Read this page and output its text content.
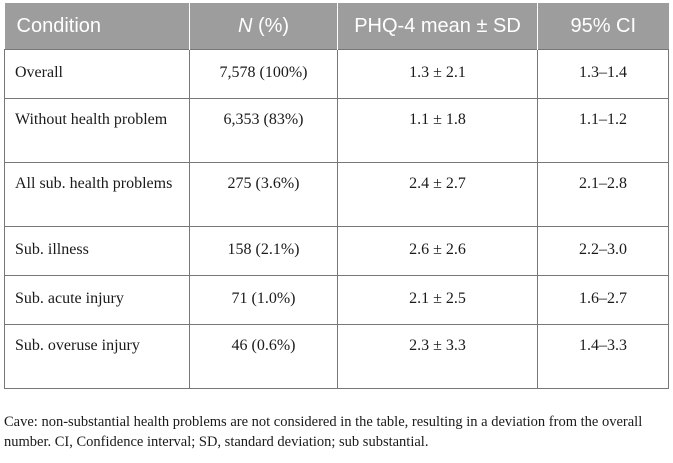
Condition	N (%)	PHQ-4 mean ± SD	95% CI
Overall	7,578 (100%)	1.3 ± 2.1	1.3–1.4
Without health problem	6,353 (83%)	1.1 ± 1.8	1.1–1.2
All sub. health problems	275 (3.6%)	2.4 ± 2.7	2.1–2.8
Sub. illness	158 (2.1%)	2.6 ± 2.6	2.2–3.0
Sub. acute injury	71 (1.0%)	2.1 ± 2.5	1.6–2.7
Sub. overuse injury	46 (0.6%)	2.3 ± 3.3	1.4–3.3
Cave: non-substantial health problems are not considered in the table, resulting in a deviation from the overall number. CI, Confidence interval; SD, standard deviation; sub substantial.
